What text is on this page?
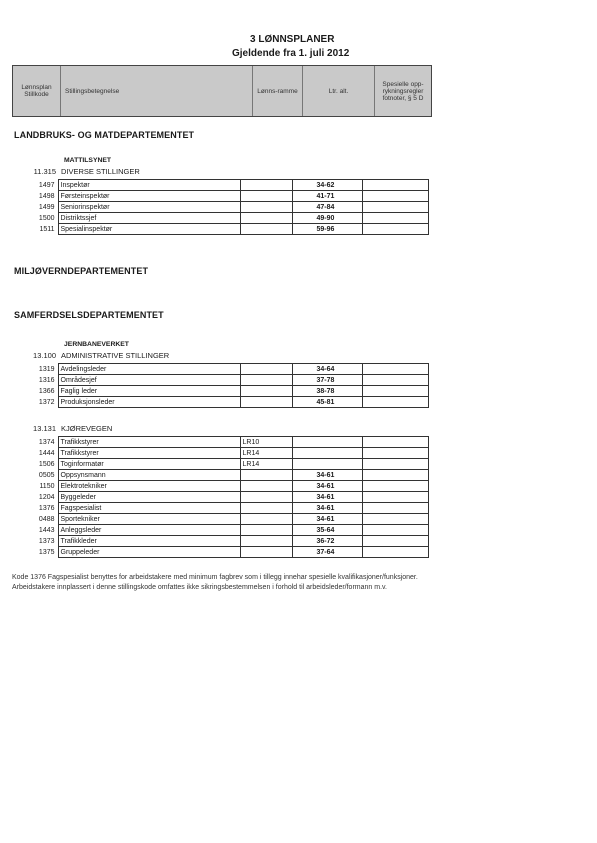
3 LØNNSPLANER
Gjeldende fra 1. juli 2012
Lønnsplan Stillkode	Stillingsbetegnelse	Lønns-ramme	Ltr. alt.
Spesielle opp-rykningsregler fotnoter, § 5 D
LANDBRUKS- OG MATDEPARTEMENTET
MATTILSYNET
11.315 DIVERSE STILLINGER
1497	Inspektør		34-62	
1498	Førsteinspektør		41-71	
1499	Seniorinspektør		47-84	
1500	Distriktssjef		49-90	
1511	Spesialinspektør		59-96	
MILJØVERNDEPARTEMENTET
SAMFERDSELSDEPARTEMENTET
JERNBANEVERKET
13.100 ADMINISTRATIVE STILLINGER
1319	Avdelingsleder		34-64	
1316	Områdesjef		37-78	
1366	Faglig leder		38-78	
1372	Produksjonsleder		45-81	
13.131 KJØREVEGEN
1374	Trafikkstyrer	LR10		
1444	Trafikkstyrer	LR14		
1506	Toginformatør	LR14		
0505	Oppsynsmann		34-61	
1150	Elektrotekniker		34-61	
1204	Byggeleder		34-61	
1376	Fagspesialist		34-61	
0488	Sportekniker		34-61	
1443	Anleggsleder		35-64	
1373	Trafikkleder		36-72	
1375	Gruppeleder		37-64	
Kode 1376 Fagspesialist benyttes for arbeidstakere med minimum fagbrev som i tillegg innehar spesielle kvalifikasjoner/funksjoner. Arbeidstakere innplassert i denne stillingskode omfattes ikke sikringsbestemmelsen i forhold til arbeidsleder/formann m.v.
